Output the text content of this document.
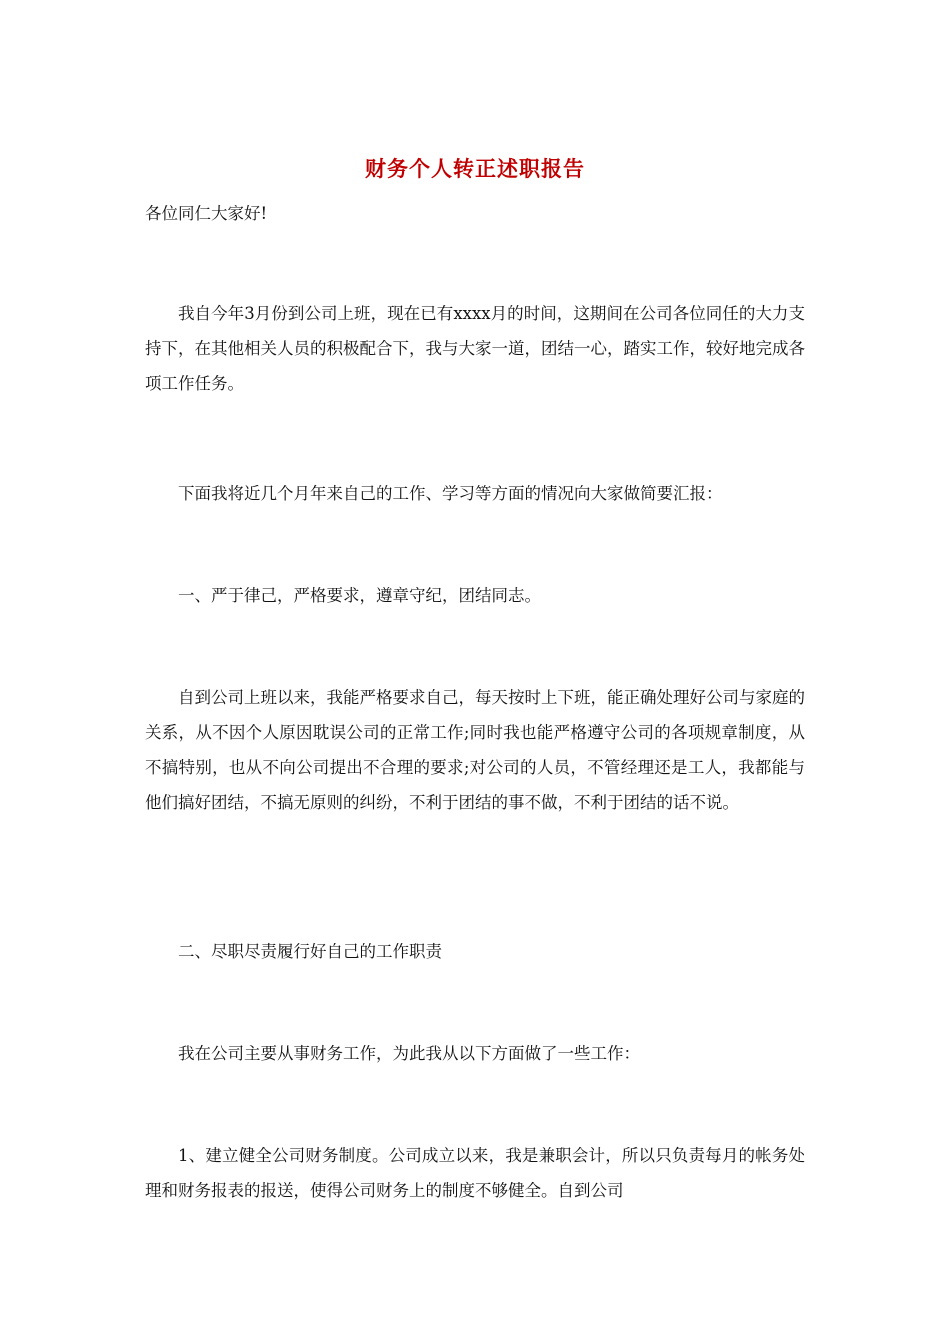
财务个人转正述职报告

各位同仁大家好!

我自今年3月份到公司上班，现在已有xxxx月的时间，这期间在公司各位同任的大力支持下，在其他相关人员的积极配合下，我与大家一道，团结一心，踏实工作，较好地完成各项工作任务。

下面我将近几个月年来自己的工作、学习等方面的情况向大家做简要汇报：

一、严于律己，严格要求，遵章守纪，团结同志。

自到公司上班以来，我能严格要求自己，每天按时上下班，能正确处理好公司与家庭的关系，从不因个人原因耽误公司的正常工作;同时我也能严格遵守公司的各项规章制度，从不搞特别，也从不向公司提出不合理的要求;对公司的人员，不管经理还是工人，我都能与他们搞好团结，不搞无原则的纠纷，不利于团结的事不做，不利于团结的话不说。

二、尽职尽责履行好自己的工作职责

我在公司主要从事财务工作，为此我从以下方面做了一些工作：

1、建立健全公司财务制度。公司成立以来，我是兼职会计，所以只负责每月的帐务处理和财务报表的报送，使得公司财务上的制度不够健全。自到公司
